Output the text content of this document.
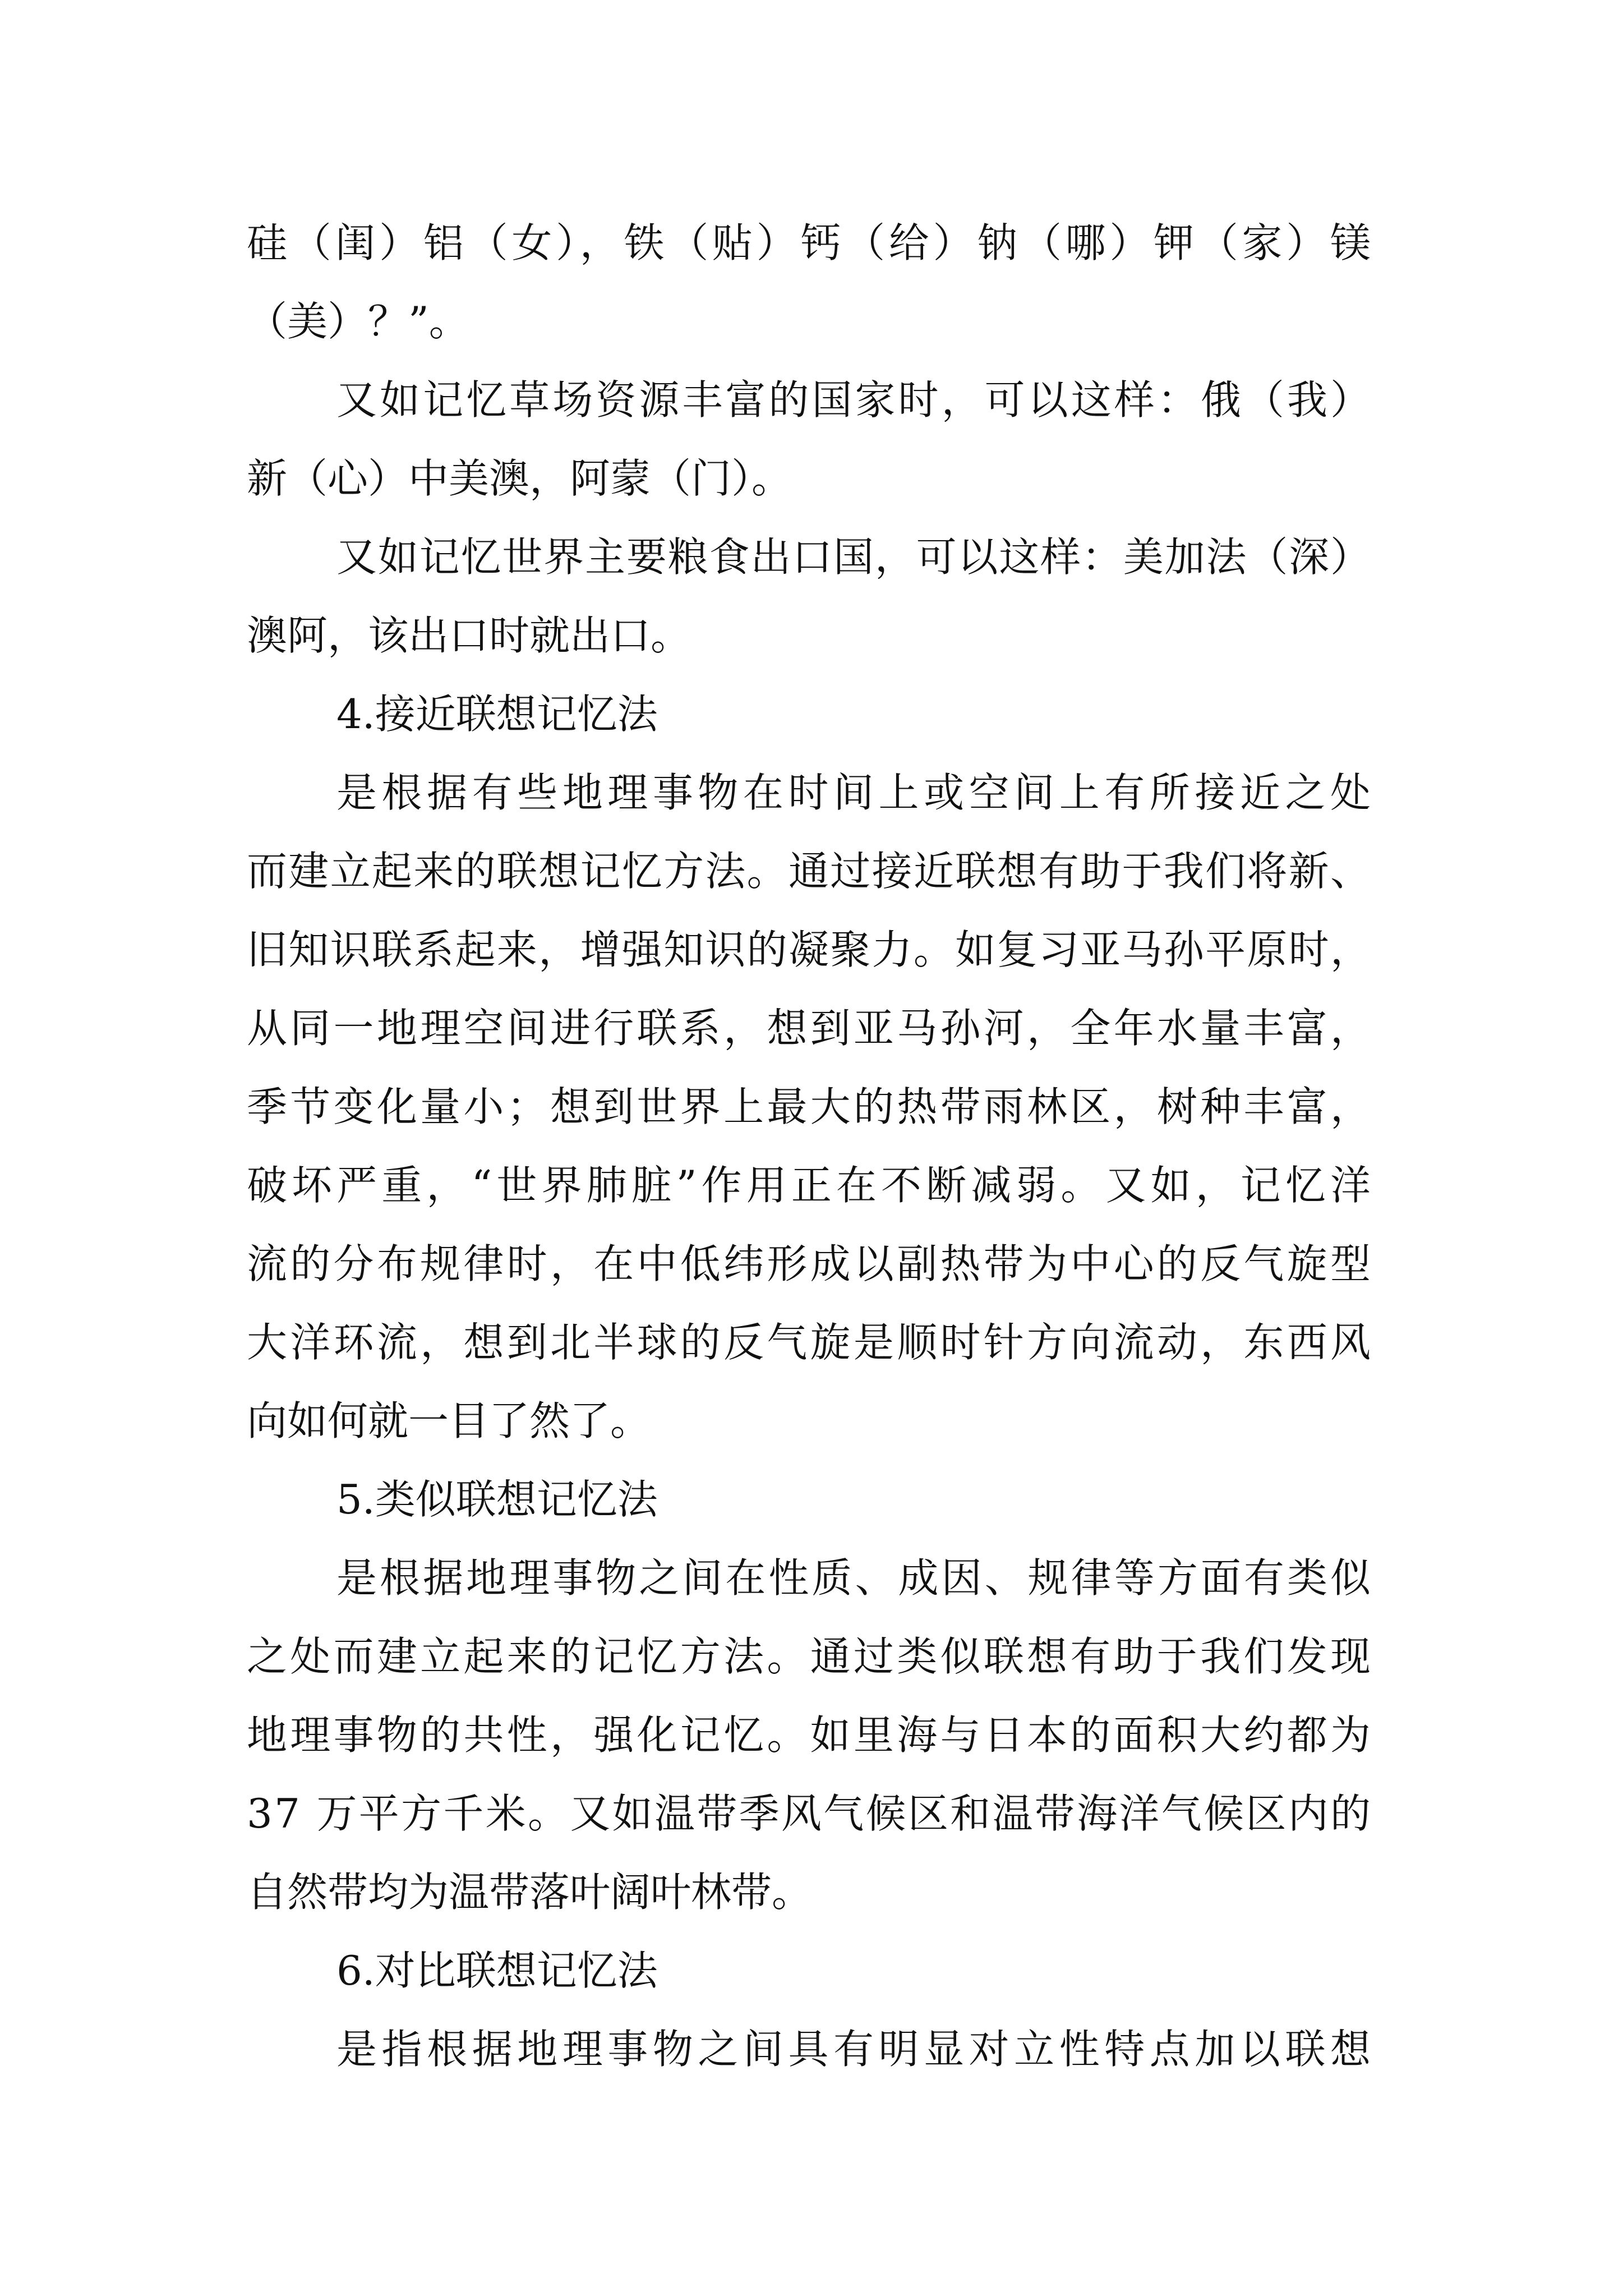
硅（闺）铝（女），铁（贴）钙（给）钠（哪）钾（家）镁
（美）？”。
又如记忆草场资源丰富的国家时，可以这样：俄（我）
新（心）中美澳，阿蒙（门）。
又如记忆世界主要粮食出口国，可以这样：美加法（深）
澳阿，该出口时就出口。
4.接近联想记忆法
是根据有些地理事物在时间上或空间上有所接近之处
而建立起来的联想记忆方法。通过接近联想有助于我们将新、
旧知识联系起来，增强知识的凝聚力。如复习亚马孙平原时，
从同一地理空间进行联系，想到亚马孙河，全年水量丰富，
季节变化量小；想到世界上最大的热带雨林区，树种丰富，
破坏严重，“世界肺脏”作用正在不断减弱。又如，记忆洋
流的分布规律时，在中低纬形成以副热带为中心的反气旋型
大洋环流，想到北半球的反气旋是顺时针方向流动，东西风
向如何就一目了然了。
5.类似联想记忆法
是根据地理事物之间在性质、成因、规律等方面有类似
之处而建立起来的记忆方法。通过类似联想有助于我们发现
地理事物的共性，强化记忆。如里海与日本的面积大约都为
37 万平方千米。又如温带季风气候区和温带海洋气候区内的
自然带均为温带落叶阔叶林带。
6.对比联想记忆法
是指根据地理事物之间具有明显对立性特点加以联想
